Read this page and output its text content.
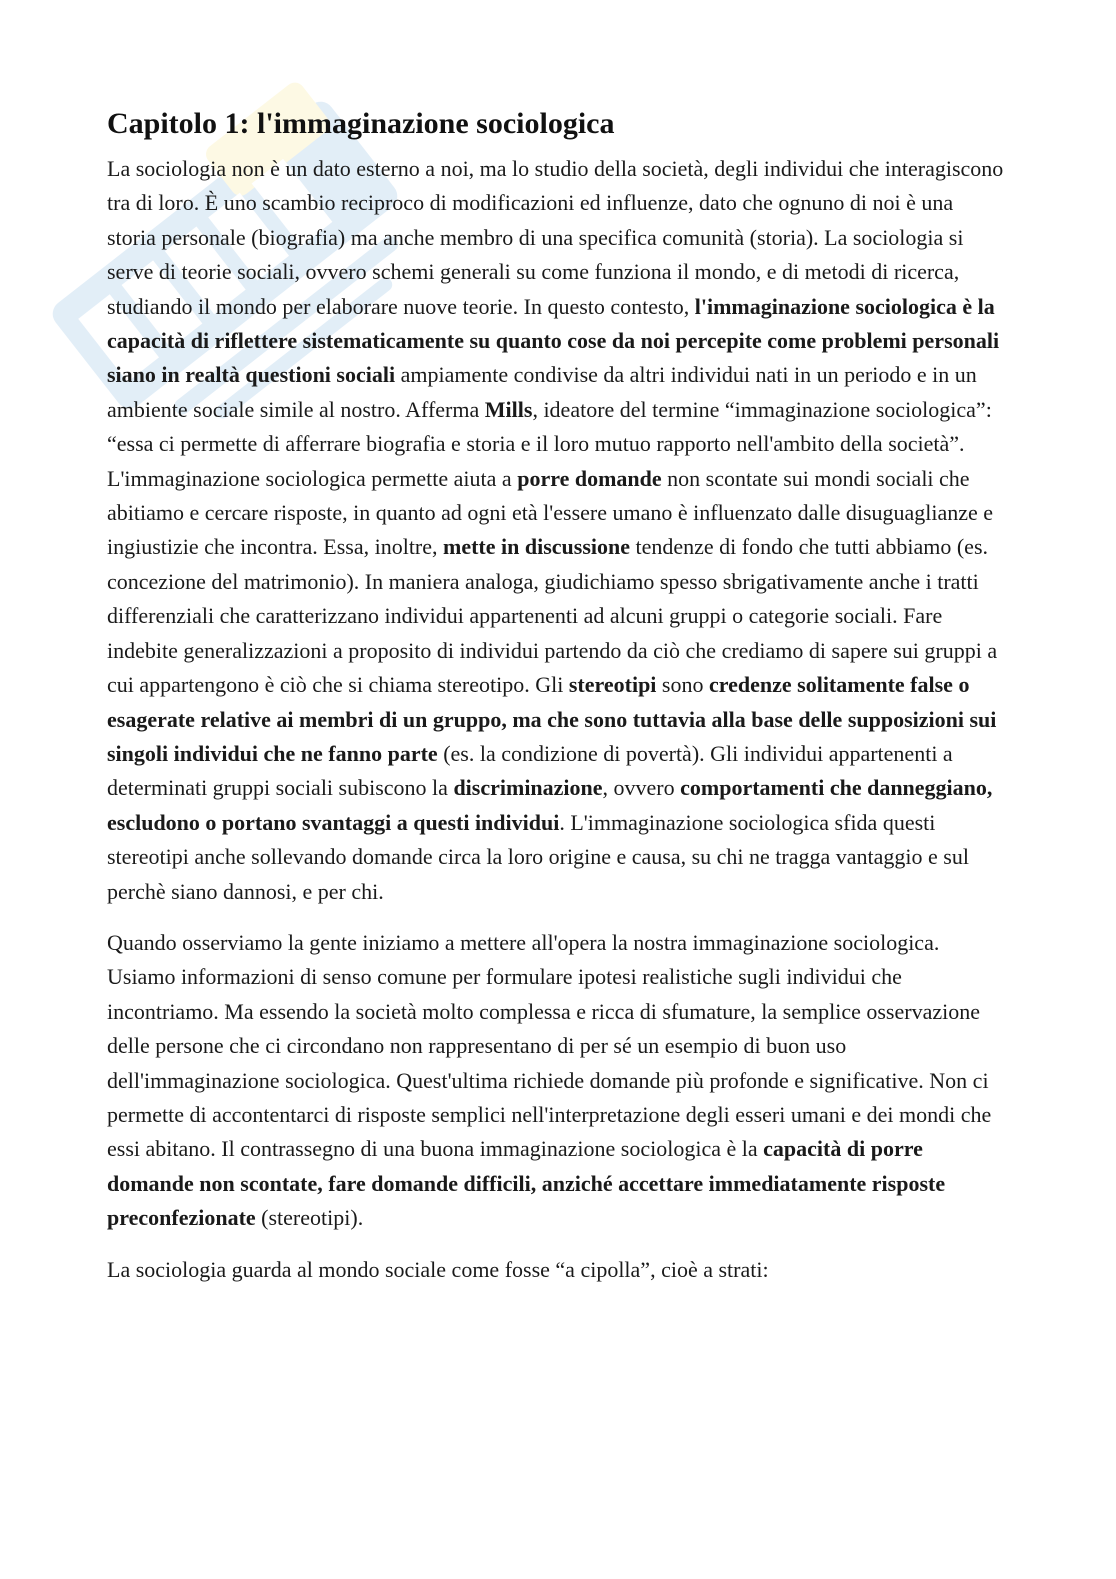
Capitolo 1: l'immaginazione sociologica

La sociologia non è un dato esterno a noi, ma lo studio della società, degli individui che interagiscono tra di loro. È uno scambio reciproco di modificazioni ed influenze, dato che ognuno di noi è una storia personale (biografia) ma anche membro di una specifica comunità (storia). La sociologia si serve di teorie sociali, ovvero schemi generali su come funziona il mondo, e di metodi di ricerca, studiando il mondo per elaborare nuove teorie. In questo contesto, l'immaginazione sociologica è la capacità di riflettere sistematicamente su quanto cose da noi percepite come problemi personali siano in realtà questioni sociali ampiamente condivise da altri individui nati in un periodo e in un ambiente sociale simile al nostro. Afferma Mills, ideatore del termine “immaginazione sociologica”: “essa ci permette di afferrare biografia e storia e il loro mutuo rapporto nell'ambito della società”. L'immaginazione sociologica permette aiuta a porre domande non scontate sui mondi sociali che abitiamo e cercare risposte, in quanto ad ogni età l'essere umano è influenzato dalle disuguaglianze e ingiustizie che incontra. Essa, inoltre, mette in discussione tendenze di fondo che tutti abbiamo (es. concezione del matrimonio). In maniera analoga, giudichiamo spesso sbrigativamente anche i tratti differenziali che caratterizzano individui appartenenti ad alcuni gruppi o categorie sociali. Fare indebite generalizzazioni a proposito di individui partendo da ciò che crediamo di sapere sui gruppi a cui appartengono è ciò che si chiama stereotipo. Gli stereotipi sono credenze solitamente false o esagerate relative ai membri di un gruppo, ma che sono tuttavia alla base delle supposizioni sui singoli individui che ne fanno parte (es. la condizione di povertà). Gli individui appartenenti a determinati gruppi sociali subiscono la discriminazione, ovvero comportamenti che danneggiano, escludono o portano svantaggi a questi individui. L'immaginazione sociologica sfida questi stereotipi anche sollevando domande circa la loro origine e causa, su chi ne tragga vantaggio e sul perchè siano dannosi, e per chi.

Quando osserviamo la gente iniziamo a mettere all'opera la nostra immaginazione sociologica. Usiamo informazioni di senso comune per formulare ipotesi realistiche sugli individui che incontriamo. Ma essendo la società molto complessa e ricca di sfumature, la semplice osservazione delle persone che ci circondano non rappresentano di per sé un esempio di buon uso dell'immaginazione sociologica. Quest'ultima richiede domande più profonde e significative. Non ci permette di accontentarci di risposte semplici nell'interpretazione degli esseri umani e dei mondi che essi abitano. Il contrassegno di una buona immaginazione sociologica è la capacità di porre domande non scontate, fare domande difficili, anziché accettare immediatamente risposte preconfezionate (stereotipi).

La sociologia guarda al mondo sociale come fosse “a cipolla”, cioè a strati:
